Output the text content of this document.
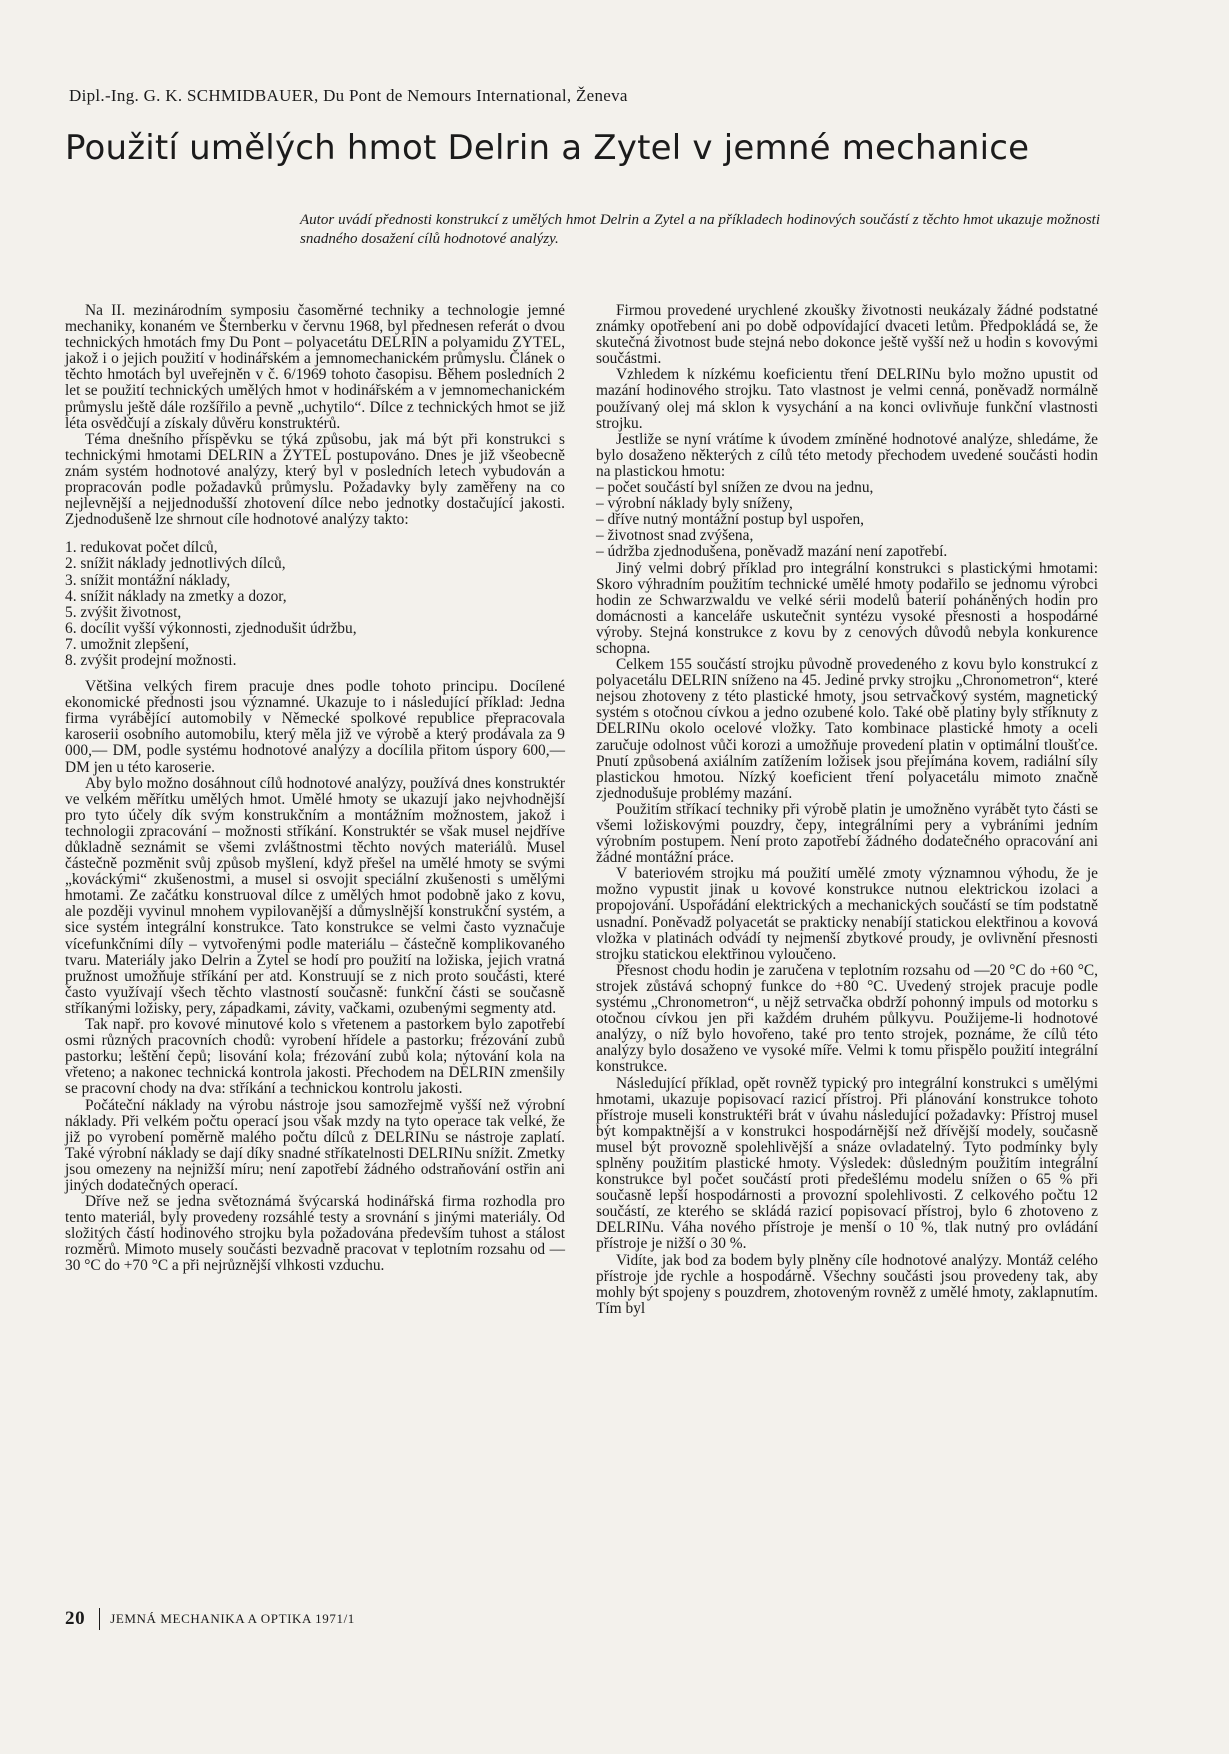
Dipl.-Ing. G. K. SCHMIDBAUER, Du Pont de Nemours International, Ženeva
Použití umělých hmot Delrin a Zytel v jemné mechanice
Autor uvádí přednosti konstrukcí z umělých hmot Delrin a Zytel a na příkladech hodinových součástí z těchto hmot ukazuje možnosti snadného dosažení cílů hodnotové analýzy.

Na II. mezinárodním symposiu časoměrné techniky a technologie jemné mechaniky, konaném ve Šternberku v červnu 1968, byl přednesen referát o dvou technických hmotách fmy Du Pont – polyacetátu DELRIN a polyamidu ZYTEL, jakož i o jejich použití v hodinářském a jemnomechanickém průmyslu. Článek o těchto hmotách byl uveřejněn v č. 6/1969 tohoto časopisu. Během posledních 2 let se použití technických umělých hmot v hodinářském a v jemnomechanickém průmyslu ještě dále rozšířilo a pevně „uchytilo“. Dílce z technických hmot se již léta osvědčují a získaly důvěru konstruktérů.

Téma dnešního příspěvku se týká způsobu, jak má být při konstrukci s technickými hmotami DELRIN a ZYTEL postupováno. Dnes je již všeobecně znám systém hodnotové analýzy, který byl v posledních letech vybudován a propracován podle požadavků průmyslu. Požadavky byly zaměřeny na co nejlevnější a nejjednodušší zhotovení dílce nebo jednotky dostačující jakosti. Zjednodušeně lze shrnout cíle hodnotové analýzy takto:

1. redukovat počet dílců,
2. snížit náklady jednotlivých dílců,
3. snížit montážní náklady,
4. snížit náklady na zmetky a dozor,
5. zvýšit životnost,
6. docílit vyšší výkonnosti, zjednodušit údržbu,
7. umožnit zlepšení,
8. zvýšit prodejní možnosti.

Většina velkých firem pracuje dnes podle tohoto principu. Docílené ekonomické přednosti jsou významné. Ukazuje to i následující příklad: Jedna firma vyrábějící automobily v Německé spolkové republice přepracovala karoserii osobního automobilu, který měla již ve výrobě a který prodávala za 9 000,— DM, podle systému hodnotové analýzy a docílila přitom úspory 600,— DM jen u této karoserie.

Aby bylo možno dosáhnout cílů hodnotové analýzy, používá dnes konstruktér ve velkém měřítku umělých hmot. Umělé hmoty se ukazují jako nejvhodnější pro tyto účely dík svým konstrukčním a montážním možnostem, jakož i technologii zpracování – možnosti stříkání. Konstruktér se však musel nejdříve důkladně seznámit se všemi zvláštnostmi těchto nových materiálů. Musel částečně pozměnit svůj způsob myšlení, když přešel na umělé hmoty se svými „kováckými“ zkušenostmi, a musel si osvojit speciální zkušenosti s umělými hmotami. Ze začátku konstruoval dílce z umělých hmot podobně jako z kovu, ale později vyvinul mnohem vypilovanější a důmyslnější konstrukční systém, a sice systém integrální konstrukce. Tato konstrukce se velmi často vyznačuje vícefunkčními díly – vytvořenými podle materiálu – částečně komplikovaného tvaru. Materiály jako Delrin a Zytel se hodí pro použití na ložiska, jejich vratná pružnost umožňuje stříkání per atd. Konstruují se z nich proto součásti, které často využívají všech těchto vlastností současně: funkční části se současně stříkanými ložisky, pery, západkami, závity, vačkami, ozubenými segmenty atd.

Tak např. pro kovové minutové kolo s vřetenem a pastorkem bylo zapotřebí osmi různých pracovních chodů: vyrobení hřídele a pastorku; frézování zubů pastorku; leštění čepů; lisování kola; frézování zubů kola; nýtování kola na vřeteno; a nakonec technická kontrola jakosti. Přechodem na DELRIN zmenšily se pracovní chody na dva: stříkání a technickou kontrolu jakosti.

Počáteční náklady na výrobu nástroje jsou samozřejmě vyšší než výrobní náklady. Při velkém počtu operací jsou však mzdy na tyto operace tak velké, že již po vyrobení poměrně malého počtu dílců z DELRINu se nástroje zaplatí. Také výrobní náklady se dají díky snadné stříkatelnosti DELRINu snížit. Zmetky jsou omezeny na nejnižší míru; není zapotřebí žádného odstraňování ostřin ani jiných dodatečných operací.

Dříve než se jedna světoznámá švýcarská hodinářská firma rozhodla pro tento materiál, byly provedeny rozsáhlé testy a srovnání s jinými materiály. Od složitých částí hodinového strojku byla požadována především tuhost a stálost rozměrů. Mimoto musely součásti bezvadně pracovat v teplotním rozsahu od —30 °C do +70 °C a při nejrůznější vlhkosti vzduchu.

Firmou provedené urychlené zkoušky životnosti neukázaly žádné podstatné známky opotřebení ani po době odpovídající dvaceti letům. Předpokládá se, že skutečná životnost bude stejná nebo dokonce ještě vyšší než u hodin s kovovými součástmi.

Vzhledem k nízkému koeficientu tření DELRINu bylo možno upustit od mazání hodinového strojku. Tato vlastnost je velmi cenná, poněvadž normálně používaný olej má sklon k vysychání a na konci ovlivňuje funkční vlastnosti strojku.

Jestliže se nyní vrátíme k úvodem zmíněné hodnotové analýze, shledáme, že bylo dosaženo některých z cílů této metody přechodem uvedené součásti hodin na plastickou hmotu:

– počet součástí byl snížen ze dvou na jednu,
– výrobní náklady byly sníženy,
– dříve nutný montážní postup byl uspořen,
– životnost snad zvýšena,
– údržba zjednodušena, poněvadž mazání není zapotřebí.

Jiný velmi dobrý příklad pro integrální konstrukci s plastickými hmotami: Skoro výhradním použitím technické umělé hmoty podařilo se jednomu výrobci hodin ze Schwarzwaldu ve velké sérii modelů baterií poháněných hodin pro domácnosti a kanceláře uskutečnit syntézu vysoké přesnosti a hospodárné výroby. Stejná konstrukce z kovu by z cenových důvodů nebyla konkurence schopna.

Celkem 155 součástí strojku původně provedeného z kovu bylo konstrukcí z polyacetálu DELRIN sníženo na 45. Jediné prvky strojku „Chronometron“, které nejsou zhotoveny z této plastické hmoty, jsou setrvačkový systém, magnetický systém s otočnou cívkou a jedno ozubené kolo. Také obě platiny byly stříknuty z DELRINu okolo ocelové vložky. Tato kombinace plastické hmoty a oceli zaručuje odolnost vůči korozi a umožňuje provedení platin v optimální tloušťce. Pnutí způsobená axiálním zatížením ložisek jsou přejímána kovem, radiální síly plastickou hmotou. Nízký koeficient tření polyacetálu mimoto značně zjednodušuje problémy mazání.

Použitím stříkací techniky při výrobě platin je umožněno vyrábět tyto části se všemi ložiskovými pouzdry, čepy, integrálními pery a vybráními jedním výrobním postupem. Není proto zapotřebí žádného dodatečného opracování ani žádné montážní práce.

V bateriovém strojku má použití umělé zmoty významnou výhodu, že je možno vypustit jinak u kovové konstrukce nutnou elektrickou izolaci a propojování. Uspořádání elektrických a mechanických součástí se tím podstatně usnadní. Poněvadž polyacetát se prakticky nenabíjí statickou elektřinou a kovová vložka v platinách odvádí ty nejmenší zbytkové proudy, je ovlivnění přesnosti strojku statickou elektřinou vyloučeno.

Přesnost chodu hodin je zaručena v teplotním rozsahu od —20 °C do +60 °C, strojek zůstává schopný funkce do +80 °C. Uvedený strojek pracuje podle systému „Chronometron“, u nějž setrvačka obdrží pohonný impuls od motorku s otočnou cívkou jen při každém druhém půlkyvu. Použijeme-li hodnotové analýzy, o níž bylo hovořeno, také pro tento strojek, poznáme, že cílů této analýzy bylo dosaženo ve vysoké míře. Velmi k tomu přispělo použití integrální konstrukce.

Následující příklad, opět rovněž typický pro integrální konstrukci s umělými hmotami, ukazuje popisovací razicí přístroj. Při plánování konstrukce tohoto přístroje museli konstruktéři brát v úvahu následující požadavky: Přístroj musel být kompaktnější a v konstrukci hospodárnější než dřívější modely, současně musel být provozně spolehlivější a snáze ovladatelný. Tyto podmínky byly splněny použitím plastické hmoty. Výsledek: důsledným použitím integrální konstrukce byl počet součástí proti předešlému modelu snížen o 65 % při současně lepší hospodárnosti a provozní spolehlivosti. Z celkového počtu 12 součástí, ze kterého se skládá razicí popisovací přístroj, bylo 6 zhotoveno z DELRINu. Váha nového přístroje je menší o 10 %, tlak nutný pro ovládání přístroje je nižší o 30 %.

Vidíte, jak bod za bodem byly plněny cíle hodnotové analýzy. Montáž celého přístroje jde rychle a hospodárně. Všechny součásti jsou provedeny tak, aby mohly být spojeny s pouzdrem, zhotoveným rovněž z umělé hmoty, zaklapnutím. Tím byl

20 JEMNÁ MECHANIKA A OPTIKA 1971/1
